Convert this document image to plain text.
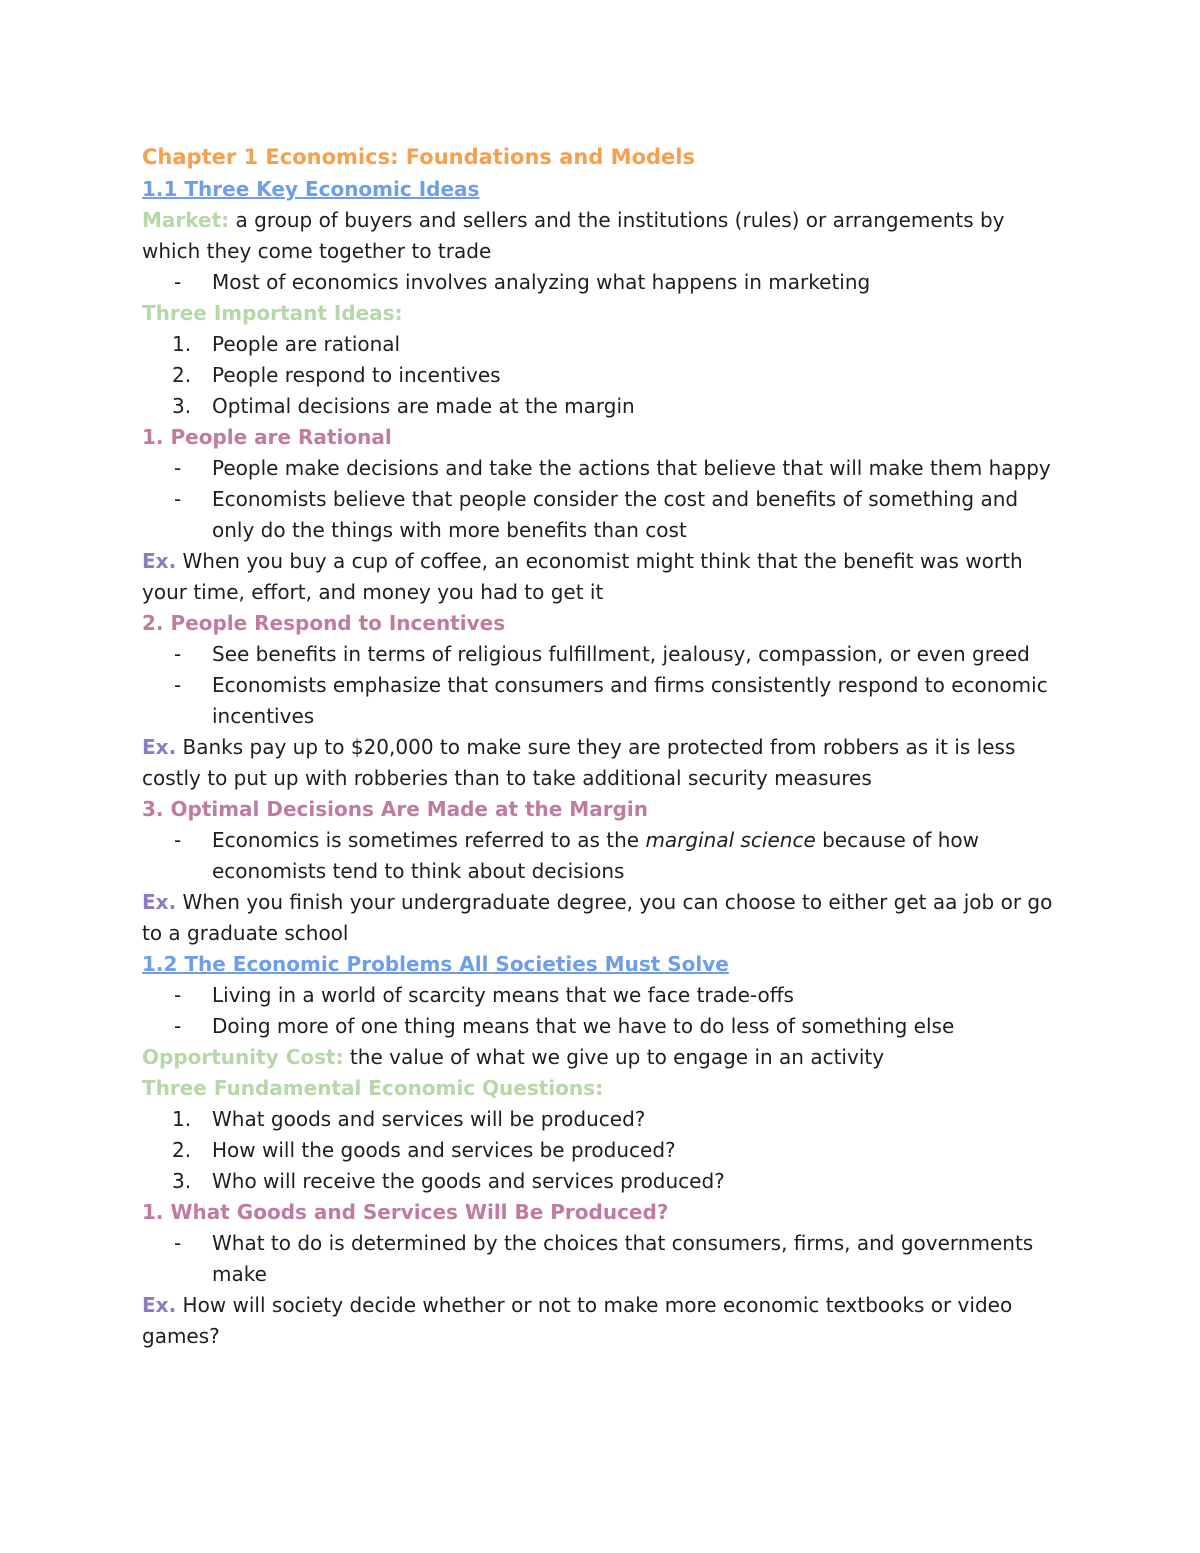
Chapter 1 Economics: Foundations and Models
1.1 Three Key Economic Ideas
Market: a group of buyers and sellers and the institutions (rules) or arrangements by which they come together to trade
- Most of economics involves analyzing what happens in marketing
Three Important Ideas:
1. People are rational
2. People respond to incentives
3. Optimal decisions are made at the margin
1. People are Rational
- People make decisions and take the actions that believe that will make them happy
- Economists believe that people consider the cost and benefits of something and only do the things with more benefits than cost
Ex. When you buy a cup of coffee, an economist might think that the benefit was worth your time, effort, and money you had to get it
2. People Respond to Incentives
- See benefits in terms of religious fulfillment, jealousy, compassion, or even greed
- Economists emphasize that consumers and firms consistently respond to economic incentives
Ex. Banks pay up to $20,000 to make sure they are protected from robbers as it is less costly to put up with robberies than to take additional security measures
3. Optimal Decisions Are Made at the Margin
- Economics is sometimes referred to as the marginal science because of how economists tend to think about decisions
Ex. When you finish your undergraduate degree, you can choose to either get aa job or go to a graduate school
1.2 The Economic Problems All Societies Must Solve
- Living in a world of scarcity means that we face trade-offs
- Doing more of one thing means that we have to do less of something else
Opportunity Cost: the value of what we give up to engage in an activity
Three Fundamental Economic Questions:
1. What goods and services will be produced?
2. How will the goods and services be produced?
3. Who will receive the goods and services produced?
1. What Goods and Services Will Be Produced?
- What to do is determined by the choices that consumers, firms, and governments make
Ex. How will society decide whether or not to make more economic textbooks or video games?
